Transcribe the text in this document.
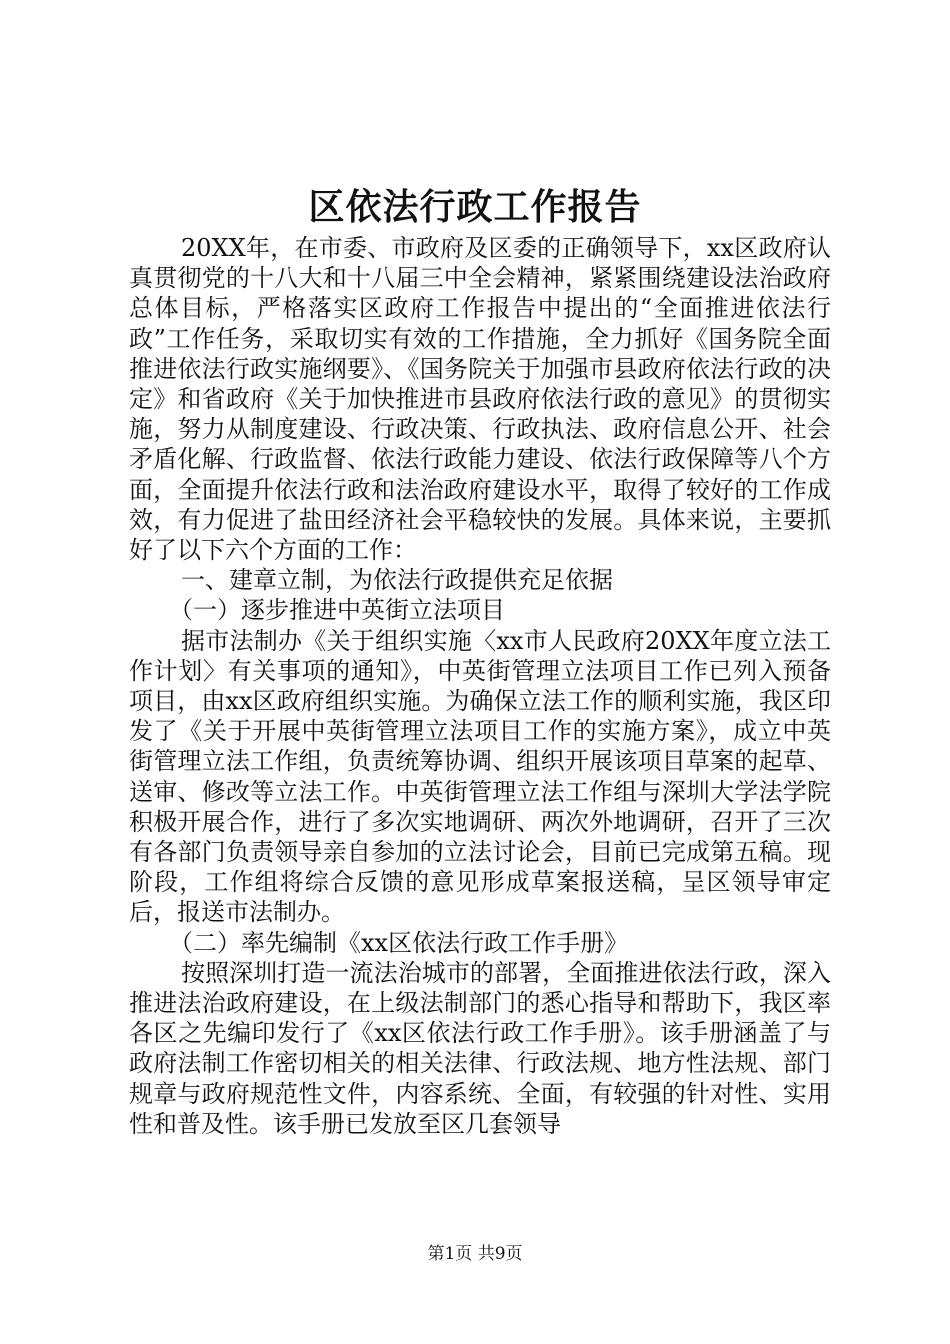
区依法行政工作报告

20XX年，在市委、市政府及区委的正确领导下，xx区政府认真贯彻党的十八大和十八届三中全会精神，紧紧围绕建设法治政府总体目标，严格落实区政府工作报告中提出的“全面推进依法行政”工作任务，采取切实有效的工作措施，全力抓好《国务院全面推进依法行政实施纲要》、《国务院关于加强市县政府依法行政的决定》和省政府《关于加快推进市县政府依法行政的意见》的贯彻实施，努力从制度建设、行政决策、行政执法、政府信息公开、社会矛盾化解、行政监督、依法行政能力建设、依法行政保障等八个方面，全面提升依法行政和法治政府建设水平，取得了较好的工作成效，有力促进了盐田经济社会平稳较快的发展。具体来说，主要抓好了以下六个方面的工作：

一、建章立制，为依法行政提供充足依据

（一）逐步推进中英街立法项目

据市法制办《关于组织实施〈xx市人民政府20XX年度立法工作计划〉有关事项的通知》，中英街管理立法项目工作已列入预备项目，由xx区政府组织实施。为确保立法工作的顺利实施，我区印发了《关于开展中英街管理立法项目工作的实施方案》，成立中英街管理立法工作组，负责统筹协调、组织开展该项目草案的起草、送审、修改等立法工作。中英街管理立法工作组与深圳大学法学院积极开展合作，进行了多次实地调研、两次外地调研，召开了三次有各部门负责领导亲自参加的立法讨论会，目前已完成第五稿。现阶段，工作组将综合反馈的意见形成草案报送稿，呈区领导审定后，报送市法制办。

（二）率先编制《xx区依法行政工作手册》

按照深圳打造一流法治城市的部署，全面推进依法行政，深入推进法治政府建设，在上级法制部门的悉心指导和帮助下，我区率各区之先编印发行了《xx区依法行政工作手册》。该手册涵盖了与政府法制工作密切相关的相关法律、行政法规、地方性法规、部门规章与政府规范性文件，内容系统、全面，有较强的针对性、实用性和普及性。该手册已发放至区几套领导

第1页 共9页
